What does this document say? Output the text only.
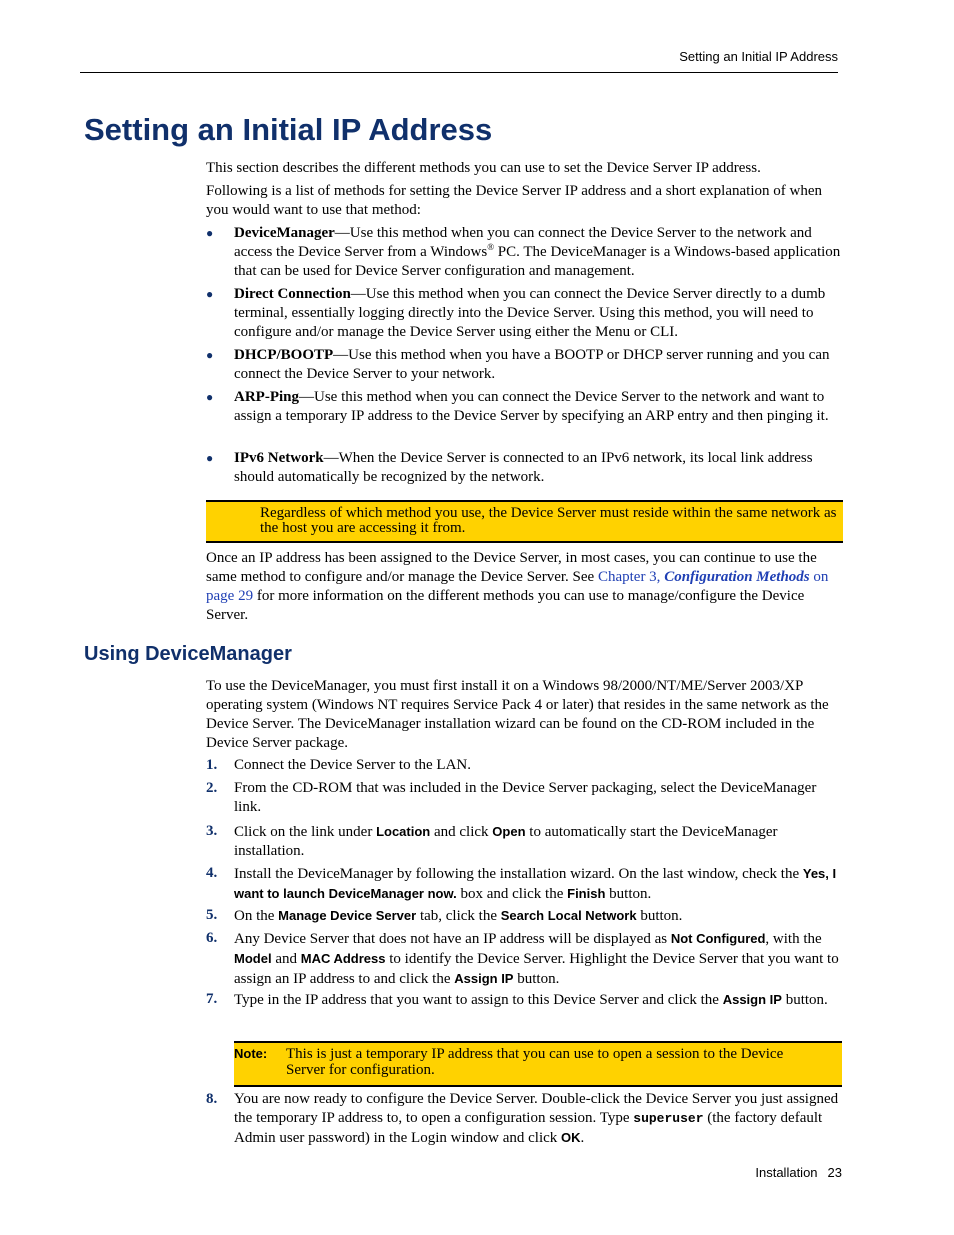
Setting an Initial IP Address
Setting an Initial IP Address

This section describes the different methods you can use to set the Device Server IP address.

Following is a list of methods for setting the Device Server IP address and a short explanation of when you would want to use that method:

●	DeviceManager—Use this method when you can connect the Device Server to the network and access the Device Server from a Windows® PC. The DeviceManager is a Windows-based application that can be used for Device Server configuration and management.
●	Direct Connection—Use this method when you can connect the Device Server directly to a dumb terminal, essentially logging directly into the Device Server. Using this method, you will need to configure and/or manage the Device Server using either the Menu or CLI.
●	DHCP/BOOTP—Use this method when you have a BOOTP or DHCP server running and you can connect the Device Server to your network.
●	ARP-Ping—Use this method when you can connect the Device Server to the network and want to assign a temporary IP address to the Device Server by specifying an ARP entry and then pinging it.
●	IPv6 Network—When the Device Server is connected to an IPv6 network, its local link address should automatically be recognized by the network.
Regardless of which method you use, the Device Server must reside within the same network as the host you are accessing it from.

Once an IP address has been assigned to the Device Server, in most cases, you can continue to use the same method to configure and/or manage the Device Server. See Chapter 3, Configuration Methods on page 29 for more information on the different methods you can use to manage/configure the Device Server.

Using DeviceManager

To use the DeviceManager, you must first install it on a Windows 98/2000/NT/ME/Server 2003/XP operating system (Windows NT requires Service Pack 4 or later) that resides in the same network as the Device Server. The DeviceManager installation wizard can be found on the CD-ROM included in the Device Server package.

1.	Connect the Device Server to the LAN.
2.	From the CD-ROM that was included in the Device Server packaging, select the DeviceManager link.
3.	Click on the link under Location and click Open to automatically start the DeviceManager installation.
4.	Install the DeviceManager by following the installation wizard. On the last window, check the Yes, I want to launch DeviceManager now. box and click the Finish button.
5.	On the Manage Device Server tab, click the Search Local Network button.
6.	Any Device Server that does not have an IP address will be displayed as Not Configured, with the Model and MAC Address to identify the Device Server. Highlight the Device Server that you want to assign an IP address to and click the Assign IP button.
7.	Type in the IP address that you want to assign to this Device Server and click the Assign IP button.
Note: This is just a temporary IP address that you can use to open a session to the Device Server for configuration.
8.	You are now ready to configure the Device Server. Double-click the Device Server you just assigned the temporary IP address to, to open a configuration session. Type superuser (the factory default Admin user password) in the Login window and click OK.
Installation 23
